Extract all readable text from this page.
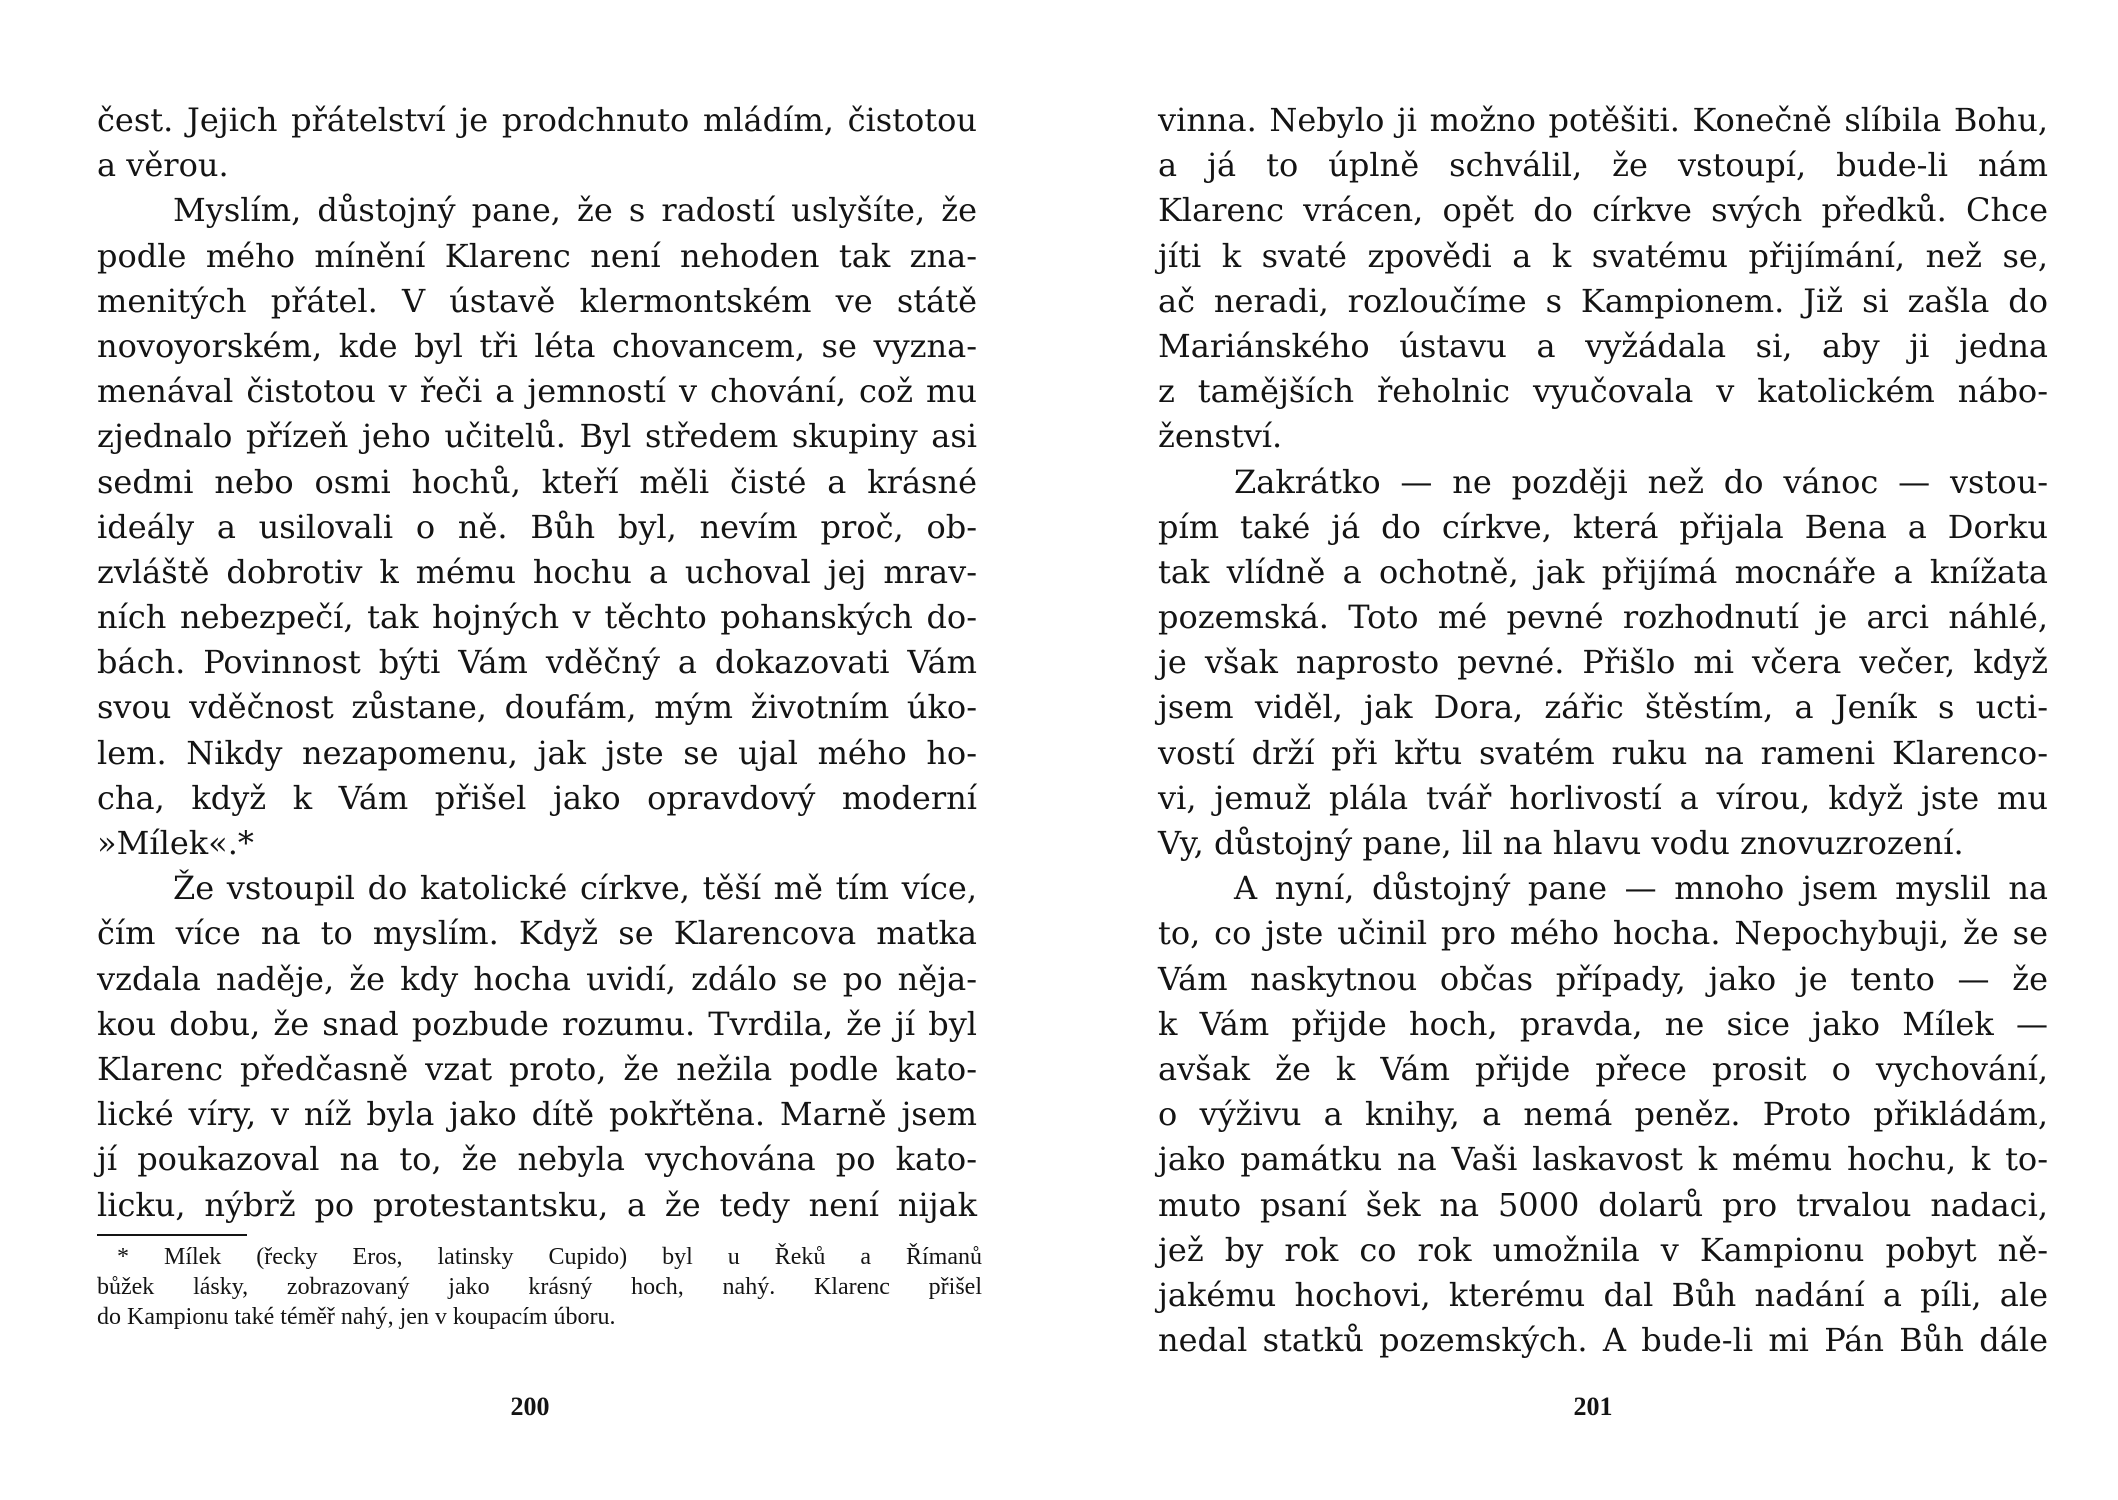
čest. Jejich přátelství je prodchnuto mládím, čistotou
a věrou.
Myslím, důstojný pane, že s radostí uslyšíte, že
podle mého mínění Klarenc není nehoden tak zna-
menitých přátel. V ústavě klermontském ve státě
novoyorském, kde byl tři léta chovancem, se vyzna-
menával čistotou v řeči a jemností v chování, což mu
zjednalo přízeň jeho učitelů. Byl středem skupiny asi
sedmi nebo osmi hochů, kteří měli čisté a krásné
ideály a usilovali o ně. Bůh byl, nevím proč, ob-
zvláště dobrotiv k mému hochu a uchoval jej mrav-
ních nebezpečí, tak hojných v těchto pohanských do-
bách. Povinnost býti Vám vděčný a dokazovati Vám
svou vděčnost zůstane, doufám, mým životním úko-
lem. Nikdy nezapomenu, jak jste se ujal mého ho-
cha, když k Vám přišel jako opravdový moderní
»Mílek«.*
Že vstoupil do katolické církve, těší mě tím více,
čím více na to myslím. Když se Klarencova matka
vzdala naděje, že kdy hocha uvidí, zdálo se po něja-
kou dobu, že snad pozbude rozumu. Tvrdila, že jí byl
Klarenc předčasně vzat proto, že nežila podle kato-
lické víry, v níž byla jako dítě pokřtěna. Marně jsem
jí poukazoval na to, že nebyla vychována po kato-
licku, nýbrž po protestantsku, a že tedy není nijak
* Mílek (řecky Eros, latinsky Cupido) byl u Řeků a Římanů
bůžek lásky, zobrazovaný jako krásný hoch, nahý. Klarenc přišel
do Kampionu také téměř nahý, jen v koupacím úboru.
200
vinna. Nebylo ji možno potěšiti. Konečně slíbila Bohu,
a já to úplně schválil, že vstoupí, bude-li nám
Klarenc vrácen, opět do církve svých předků. Chce
jíti k svaté zpovědi a k svatému přijímání, než se,
ač neradi, rozloučíme s Kampionem. Již si zašla do
Mariánského ústavu a vyžádala si, aby ji jedna
z tamějších řeholnic vyučovala v katolickém nábo-
ženství.
Zakrátko — ne později než do vánoc — vstou-
pím také já do církve, která přijala Bena a Dorku
tak vlídně a ochotně, jak přijímá mocnáře a knížata
pozemská. Toto mé pevné rozhodnutí je arci náhlé,
je však naprosto pevné. Přišlo mi včera večer, když
jsem viděl, jak Dora, zářic štěstím, a Jeník s ucti-
vostí drží při křtu svatém ruku na rameni Klarenco-
vi, jemuž plála tvář horlivostí a vírou, když jste mu
Vy, důstojný pane, lil na hlavu vodu znovuzrození.
A nyní, důstojný pane — mnoho jsem myslil na
to, co jste učinil pro mého hocha. Nepochybuji, že se
Vám naskytnou občas případy, jako je tento — že
k Vám přijde hoch, pravda, ne sice jako Mílek —
avšak že k Vám přijde přece prosit o vychování,
o výživu a knihy, a nemá peněz. Proto přikládám,
jako památku na Vaši laskavost k mému hochu, k to-
muto psaní šek na 5000 dolarů pro trvalou nadaci,
jež by rok co rok umožnila v Kampionu pobyt ně-
jakému hochovi, kterému dal Bůh nadání a píli, ale
nedal statků pozemských. A bude-li mi Pán Bůh dále
201
